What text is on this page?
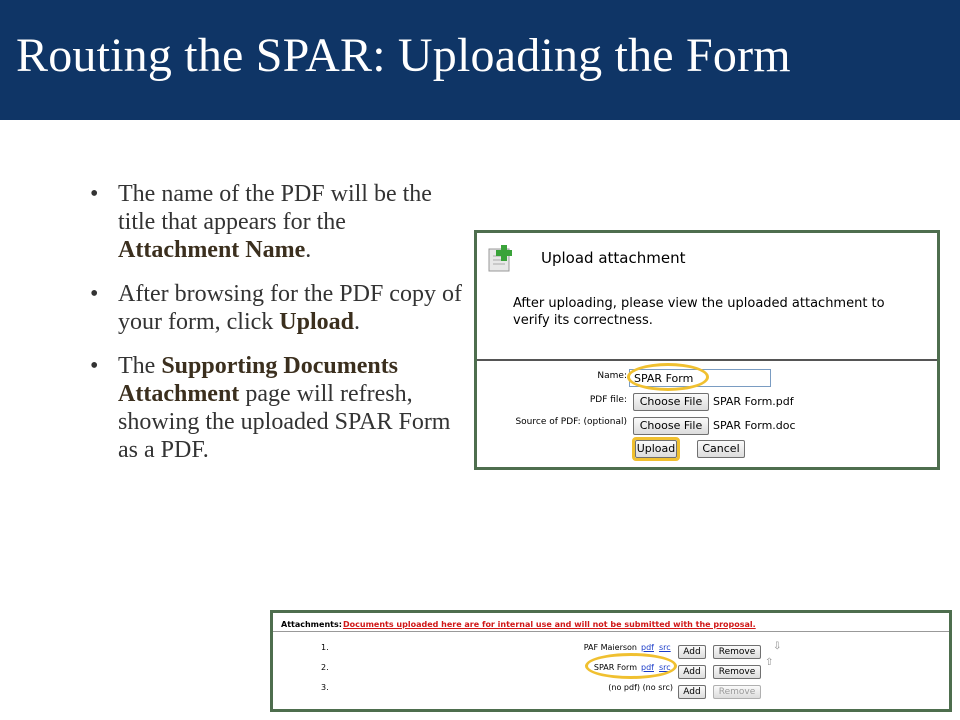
Routing the SPAR: Uploading the Form
• The name of the PDF will be the title that appears for the Attachment Name.
• After browsing for the PDF copy of your form, click Upload.
• The Supporting Documents Attachment page will refresh, showing the uploaded SPAR Form as a PDF.
Upload attachment
After uploading, please view the uploaded attachment to verify its correctness.
Name: SPAR Form
PDF file:	Choose File SPAR Form.pdf
Source of PDF: (optional)	Choose File SPAR Form.doc
Upload	Cancel
Attachments: Documents uploaded here are for internal use and will not be submitted with the proposal.
1.	PAF Maierson pdf src	Add	Remove	⇩
2.	SPAR Form pdf src	Add	Remove
⇧
3.	(no pdf) (no src)	Add	Remove
